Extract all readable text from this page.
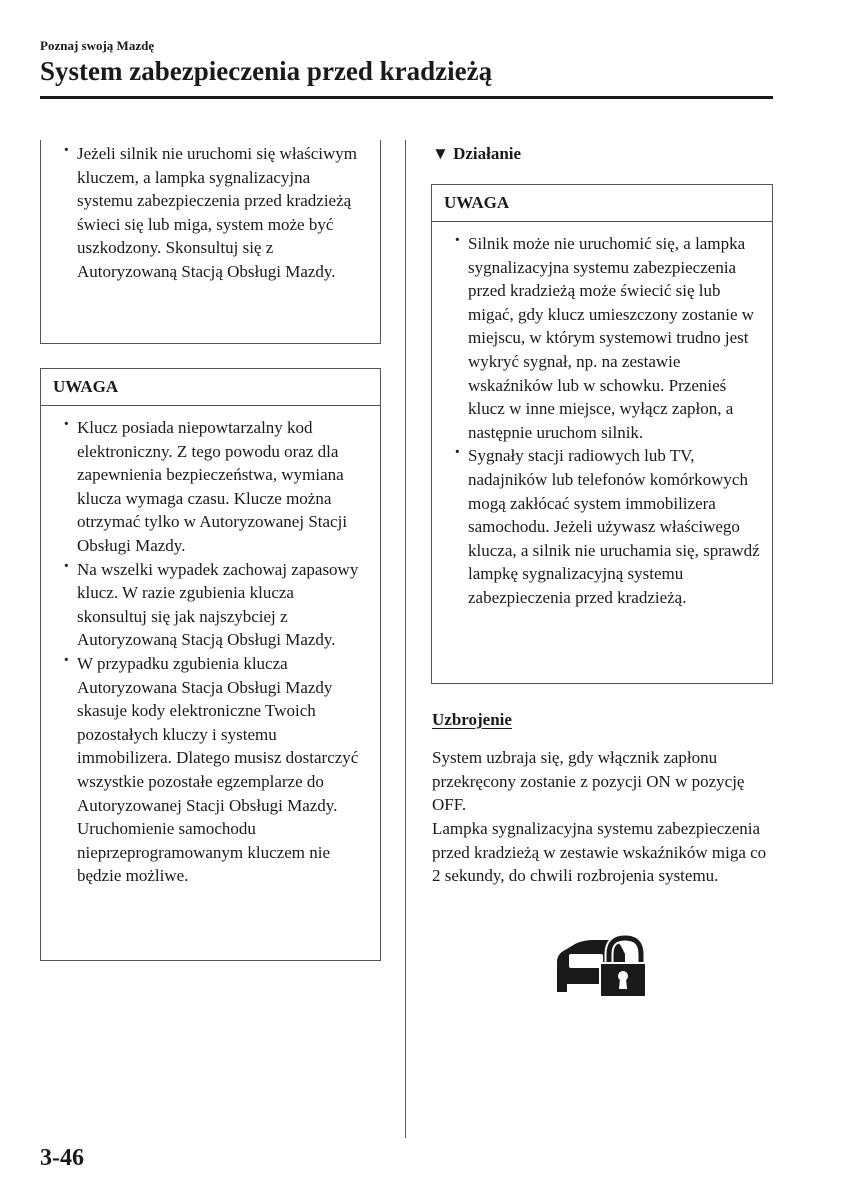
Poznaj swoją Mazdę
System zabezpieczenia przed kradzieżą
· Jeżeli silnik nie uruchomi się właściwym kluczem, a lampka sygnalizacyjna systemu zabezpieczenia przed kradzieżą świeci się lub miga, system może być uszkodzony. Skonsultuj się z Autoryzowaną Stacją Obsługi Mazdy.
UWAGA
· Klucz posiada niepowtarzalny kod elektroniczny. Z tego powodu oraz dla zapewnienia bezpieczeństwa, wymiana klucza wymaga czasu. Klucze można otrzymać tylko w Autoryzowanej Stacji Obsługi Mazdy.
· Na wszelki wypadek zachowaj zapasowy klucz. W razie zgubienia klucza skonsultuj się jak najszybciej z Autoryzowaną Stacją Obsługi Mazdy.
· W przypadku zgubienia klucza Autoryzowana Stacja Obsługi Mazdy skasuje kody elektroniczne Twoich pozostałych kluczy i systemu immobilizera. Dlatego musisz dostarczyć wszystkie pozostałe egzemplarze do Autoryzowanej Stacji Obsługi Mazdy. Uruchomienie samochodu nieprzeprogramowanym kluczem nie będzie możliwe.
▼ Działanie
UWAGA
· Silnik może nie uruchomić się, a lampka sygnalizacyjna systemu zabezpieczenia przed kradzieżą może świecić się lub migać, gdy klucz umieszczony zostanie w miejscu, w którym systemowi trudno jest wykryć sygnał, np. na zestawie wskaźników lub w schowku. Przenieś klucz w inne miejsce, wyłącz zapłon, a następnie uruchom silnik.
· Sygnały stacji radiowych lub TV, nadajników lub telefonów komórkowych mogą zakłócać system immobilizera samochodu. Jeżeli używasz właściwego klucza, a silnik nie uruchamia się, sprawdź lampkę sygnalizacyjną systemu zabezpieczenia przed kradzieżą.
Uzbrojenie

System uzbraja się, gdy włącznik zapłonu przekręcony zostanie z pozycji ON w pozycję OFF.

Lampka sygnalizacyjna systemu zabezpieczenia przed kradzieżą w zestawie wskaźników miga co 2 sekundy, do chwili rozbrojenia systemu.

3-46
